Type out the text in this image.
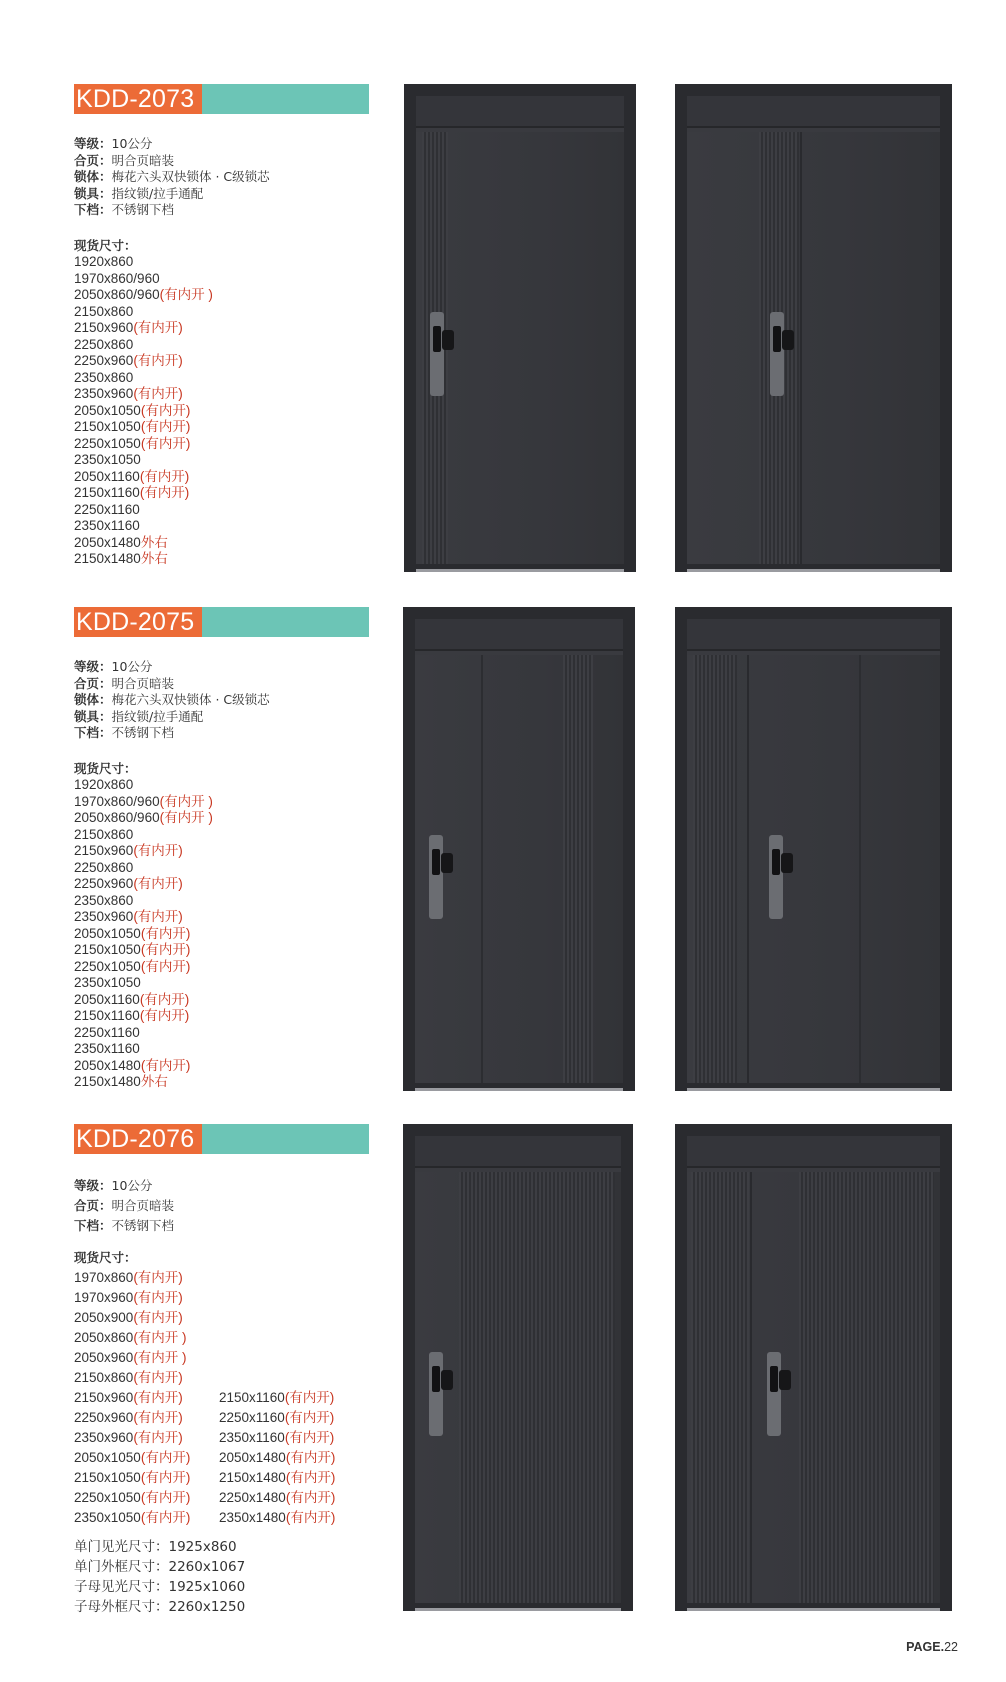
KDD-2073
等级：10公分
合页：明合页暗装
锁体：梅花六头双快锁体 · C级锁芯
锁具：指纹锁/拉手通配
下档：不锈钢下档
现货尺寸：
1920x860
1970x860/960
2050x860/960(有内开 )
2150x860
2150x960(有内开)
2250x860
2250x960(有内开)
2350x860
2350x960(有内开)
2050x1050(有内开)
2150x1050(有内开)
2250x1050(有内开)
2350x1050
2050x1160(有内开)
2150x1160(有内开)
2250x1160
2350x1160
2050x1480外右
2150x1480外右
KDD-2075
等级：10公分
合页：明合页暗装
锁体：梅花六头双快锁体 · C级锁芯
锁具：指纹锁/拉手通配
下档：不锈钢下档
现货尺寸：
1920x860
1970x860/960(有内开 )
2050x860/960(有内开 )
2150x860
2150x960(有内开)
2250x860
2250x960(有内开)
2350x860
2350x960(有内开)
2050x1050(有内开)
2150x1050(有内开)
2250x1050(有内开)
2350x1050
2050x1160(有内开)
2150x1160(有内开)
2250x1160
2350x1160
2050x1480(有内开)
2150x1480外右
KDD-2076
等级：10公分
合页：明合页暗装
下档：不锈钢下档
现货尺寸：
1970x860(有内开)
1970x960(有内开)
2050x900(有内开)
2050x860(有内开 )
2050x960(有内开 )
2150x860(有内开)
2150x960(有内开)
2250x960(有内开)
2350x960(有内开)
2050x1050(有内开)
2150x1050(有内开)
2250x1050(有内开)
2350x1050(有内开)
2150x1160(有内开)
2250x1160(有内开)
2350x1160(有内开)
2050x1480(有内开)
2150x1480(有内开)
2250x1480(有内开)
2350x1480(有内开)
单门见光尺寸：1925x860
单门外框尺寸：2260x1067
子母见光尺寸：1925x1060
子母外框尺寸：2260x1250
PAGE.22
